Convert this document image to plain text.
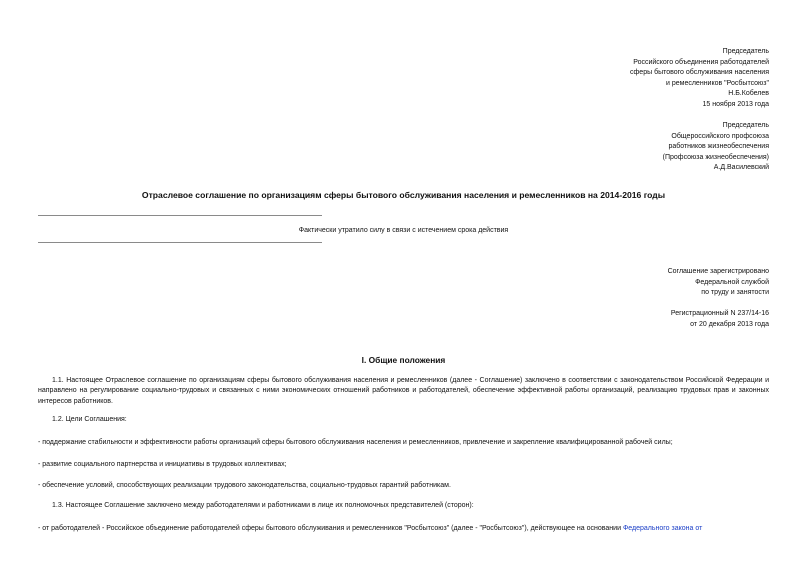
Председатель
Российского объединения работодателей
сферы бытового обслуживания населения
и ремесленников "Росбытсоюз"
Н.Б.Кобелев
15 ноября 2013 года
Председатель
Общероссийского профсоюза
работников жизнеобеспечения
(Профсоюза жизнеобеспечения)
А.Д.Василевский
Отраслевое соглашение по организациям сферы бытового обслуживания населения и ремесленников на 2014-2016 годы
Фактически утратило силу в связи с истечением срока действия
Соглашение зарегистрировано
Федеральной службой
по труду и занятости
Регистрационный N 237/14-16
от 20 декабря 2013 года
I. Общие положения
1.1. Настоящее Отраслевое соглашение по организациям сферы бытового обслуживания населения и ремесленников (далее - Соглашение) заключено в соответствии с законодательством Российской Федерации и направлено на регулирование социально-трудовых и связанных с ними экономических отношений работников и работодателей, обеспечение эффективной работы организаций, реализацию трудовых прав и законных интересов работников.
1.2. Цели Соглашения:
- поддержание стабильности и эффективности работы организаций сферы бытового обслуживания населения и ремесленников, привлечение и закрепление квалифицированной рабочей силы;
- развитие социального партнерства и инициативы в трудовых коллективах;
- обеспечение условий, способствующих реализации трудового законодательства, социально-трудовых гарантий работникам.
1.3. Настоящее Соглашение заключено между работодателями и работниками в лице их полномочных представителей (сторон):
- от работодателей - Российское объединение работодателей сферы бытового обслуживания и ремесленников "Росбытсоюз" (далее - "Росбытсоюз"), действующее на основании Федерального закона от
